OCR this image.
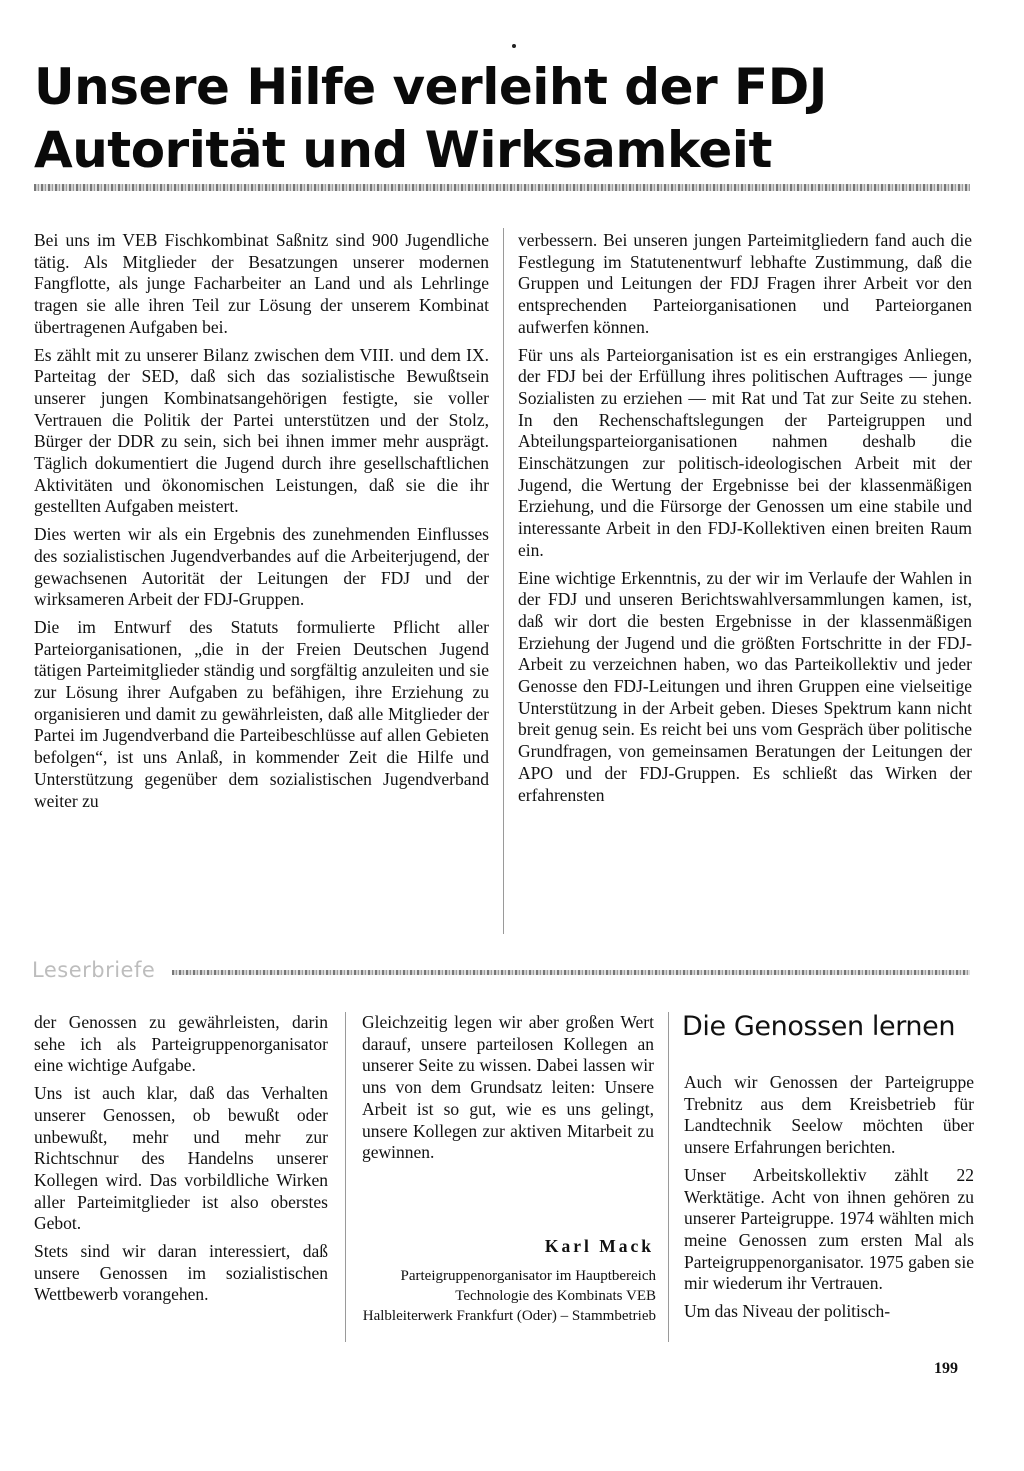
Unsere Hilfe verleiht der FDJ
Autorität und Wirksamkeit

Bei uns im VEB Fischkombinat Saßnitz sind 900 Jugendliche tätig. Als Mitglieder der Besatzungen unserer modernen Fangflotte, als junge Facharbeiter an Land und als Lehrlinge tragen sie alle ihren Teil zur Lösung der unserem Kombinat übertragenen Aufgaben bei.

Es zählt mit zu unserer Bilanz zwischen dem VIII. und dem IX. Parteitag der SED, daß sich das sozialistische Bewußtsein unserer jungen Kombinatsangehörigen festigte, sie voller Vertrauen die Politik der Partei unterstützen und der Stolz, Bürger der DDR zu sein, sich bei ihnen immer mehr ausprägt. Täglich dokumentiert die Jugend durch ihre gesellschaftlichen Aktivitäten und ökonomischen Leistungen, daß sie die ihr gestellten Aufgaben meistert.

Dies werten wir als ein Ergebnis des zunehmenden Einflusses des sozialistischen Jugendverbandes auf die Arbeiterjugend, der gewachsenen Autorität der Leitungen der FDJ und der wirksameren Arbeit der FDJ-Gruppen.

Die im Entwurf des Statuts formulierte Pflicht aller Parteiorganisationen, „die in der Freien Deutschen Jugend tätigen Parteimitglieder ständig und sorgfältig anzuleiten und sie zur Lösung ihrer Aufgaben zu befähigen, ihre Erziehung zu organisieren und damit zu gewährleisten, daß alle Mitglieder der Partei im Jugendverband die Parteibeschlüsse auf allen Gebieten befolgen“, ist uns Anlaß, in kommender Zeit die Hilfe und Unterstützung gegenüber dem sozialistischen Jugendverband weiter zu

verbessern. Bei unseren jungen Parteimitgliedern fand auch die Festlegung im Statutenentwurf lebhafte Zustimmung, daß die Gruppen und Leitungen der FDJ Fragen ihrer Arbeit vor den entsprechenden Parteiorganisationen und Parteiorganen aufwerfen können.

Für uns als Parteiorganisation ist es ein erstrangiges Anliegen, der FDJ bei der Erfüllung ihres politischen Auftrages — junge Sozialisten zu erziehen — mit Rat und Tat zur Seite zu stehen. In den Rechenschaftslegungen der Parteigruppen und Abteilungsparteiorganisationen nahmen deshalb die Einschätzungen zur politisch-ideologischen Arbeit mit der Jugend, die Wertung der Ergebnisse bei der klassenmäßigen Erziehung, und die Fürsorge der Genossen um eine stabile und interessante Arbeit in den FDJ-Kollektiven einen breiten Raum ein.

Eine wichtige Erkenntnis, zu der wir im Verlaufe der Wahlen in der FDJ und unseren Berichtswahlversammlungen kamen, ist, daß wir dort die besten Ergebnisse in der klassenmäßigen Erziehung der Jugend und die größten Fortschritte in der FDJ-Arbeit zu verzeichnen haben, wo das Parteikollektiv und jeder Genosse den FDJ-Leitungen und ihren Gruppen eine vielseitige Unterstützung in der Arbeit geben. Dieses Spektrum kann nicht breit genug sein. Es reicht bei uns vom Gespräch über politische Grundfragen, von gemeinsamen Beratungen der Leitungen der APO und der FDJ-Gruppen. Es schließt das Wirken der erfahrensten

Leserbriefe

der Genossen zu gewährleisten, darin sehe ich als Parteigruppenorganisator eine wichtige Aufgabe.

Uns ist auch klar, daß das Verhalten unserer Genossen, ob bewußt oder unbewußt, mehr und mehr zur Richtschnur des Handelns unserer Kollegen wird. Das vorbildliche Wirken aller Parteimitglieder ist also oberstes Gebot.

Stets sind wir daran interessiert, daß unsere Genossen im sozialistischen Wettbewerb vorangehen.

Gleichzeitig legen wir aber großen Wert darauf, unsere parteilosen Kollegen an unserer Seite zu wissen. Dabei lassen wir uns von dem Grundsatz leiten: Unsere Arbeit ist so gut, wie es uns gelingt, unsere Kollegen zur aktiven Mitarbeit zu gewinnen.

Karl Mack
Parteigruppenorganisator im Hauptbereich Technologie des Kombinats VEB Halbleiterwerk Frankfurt (Oder) – Stammbetrieb
Die Genossen lernen

Auch wir Genossen der Parteigruppe Trebnitz aus dem Kreisbetrieb für Landtechnik Seelow möchten über unsere Erfahrungen berichten.

Unser Arbeitskollektiv zählt 22 Werktätige. Acht von ihnen gehören zu unserer Parteigruppe. 1974 wählten mich meine Genossen zum ersten Mal als Parteigruppenorganisator. 1975 gaben sie mir wiederum ihr Vertrauen.

Um das Niveau der politisch-

199
